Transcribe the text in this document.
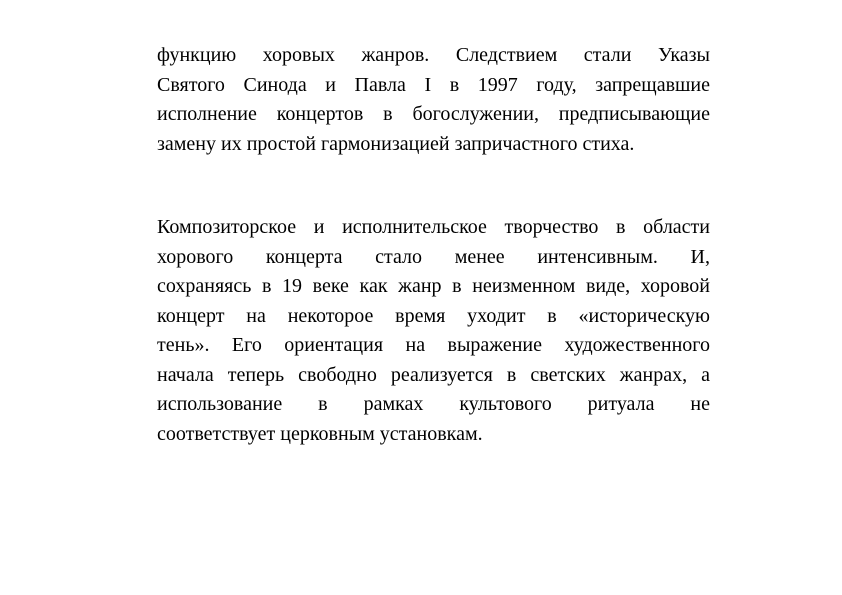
функцию хоровых жанров. Следствием стали Указы
Святого Синода и Павла I в 1997 году, запрещавшие
исполнение концертов в богослужении, предписывающие
замену их простой гармонизацией запричастного стиха.
Композиторское и исполнительское творчество в области
хорового концерта стало менее интенсивным. И,
сохраняясь в 19 веке как жанр в неизменном виде, хоровой
концерт на некоторое время уходит в «историческую
тень». Его ориентация на выражение художественного
начала теперь свободно реализуется в светских жанрах, а
использование в рамках культового ритуала не
соответствует церковным установкам.
